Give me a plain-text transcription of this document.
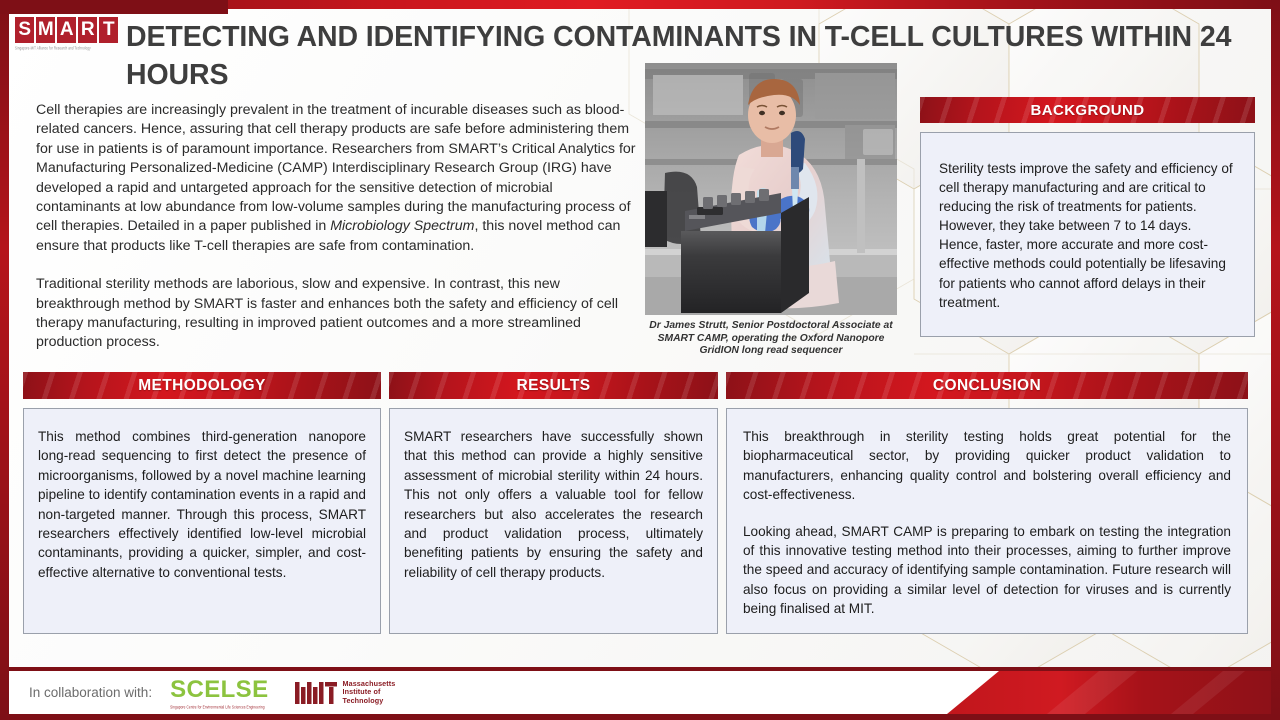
S M A R T
Singapore-MIT Alliance for Research and Technology	DETECTING AND IDENTIFYING CONTAMINANTS IN T-CELL CULTURES WITHIN 24 HOURS

Cell therapies are increasingly prevalent in the treatment of incurable diseases such as blood-related cancers. Hence, assuring that cell therapy products are safe before administering them for use in patients is of paramount importance. Researchers from SMART’s Critical Analytics for Manufacturing Personalized-Medicine (CAMP) Interdisciplinary Research Group (IRG) have developed a rapid and untargeted approach for the sensitive detection of microbial contaminants at low abundance from low-volume samples during the manufacturing process of cell therapies. Detailed in a paper published in Microbiology Spectrum, this novel method can ensure that products like T-cell therapies are safe from contamination.

Traditional sterility methods are laborious, slow and expensive. In contrast, this new breakthrough method by SMART is faster and enhances both the safety and efficiency of cell therapy manufacturing, resulting in improved patient outcomes and a more streamlined production process.

Dr James Strutt, Senior Postdoctoral Associate at SMART CAMP, operating the Oxford Nanopore GridION long read sequencer
BACKGROUND
Sterility tests improve the safety and efficiency of cell therapy manufacturing and are critical to reducing the risk of treatments for patients. However, they take between 7 to 14 days. Hence, faster, more accurate and more cost-effective methods could potentially be lifesaving for patients who cannot afford delays in their treatment.
METHODOLOGY
This method combines third-generation nanopore long-read sequencing to first detect the presence of microorganisms, followed by a novel machine learning pipeline to identify contamination events in a rapid and non-targeted manner. Through this process, SMART researchers effectively identified low-level microbial contaminants, providing a quicker, simpler, and cost-effective alternative to conventional tests.
RESULTS
SMART researchers have successfully shown that this method can provide a highly sensitive assessment of microbial sterility within 24 hours. This not only offers a valuable tool for fellow researchers but also accelerates the research and product validation process, ultimately benefiting patients by ensuring the safety and reliability of cell therapy products.
CONCLUSION

This breakthrough in sterility testing holds great potential for the biopharmaceutical sector, by providing quicker product validation to manufacturers, enhancing quality control and bolstering overall efficiency and cost-effectiveness.

Looking ahead, SMART CAMP is preparing to embark on testing the integration of this innovative testing method into their processes, aiming to further improve the speed and accuracy of identifying sample contamination. Future research will also focus on providing a similar level of detection for viruses and is currently being finalised at MIT.

In collaboration with: SCELSE
Singapore Centre for Environmental Life Sciences Engineering
Massachusetts
Institute of
Technology
